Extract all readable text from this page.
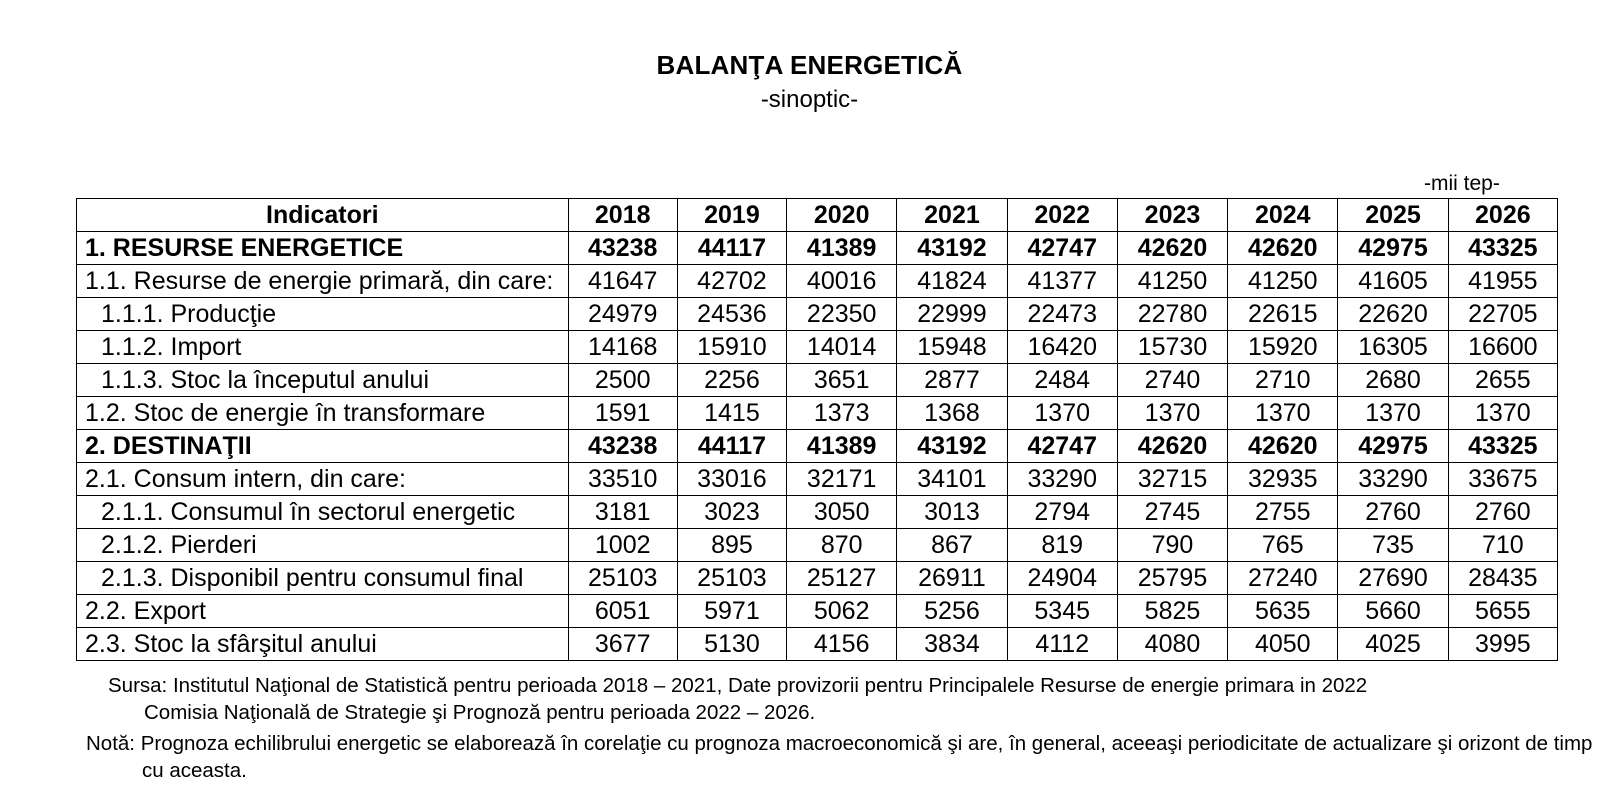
BALANŢA ENERGETICĂ
-sinoptic-
-mii tep-
Indicatori	2018	2019	2020	2021	2022	2023	2024	2025	2026
1. RESURSE ENERGETICE	43238	44117	41389	43192	42747	42620	42620	42975	43325
1.1. Resurse de energie primară, din care:	41647	42702	40016	41824	41377	41250	41250	41605	41955
1.1.1. Producţie	24979	24536	22350	22999	22473	22780	22615	22620	22705
1.1.2. Import	14168	15910	14014	15948	16420	15730	15920	16305	16600
1.1.3. Stoc la începutul anului	2500	2256	3651	2877	2484	2740	2710	2680	2655
1.2. Stoc de energie în transformare	1591	1415	1373	1368	1370	1370	1370	1370	1370
2. DESTINAŢII	43238	44117	41389	43192	42747	42620	42620	42975	43325
2.1. Consum intern, din care:	33510	33016	32171	34101	33290	32715	32935	33290	33675
2.1.1. Consumul în sectorul energetic	3181	3023	3050	3013	2794	2745	2755	2760	2760
2.1.2. Pierderi	1002	895	870	867	819	790	765	735	710
2.1.3. Disponibil pentru consumul final	25103	25103	25127	26911	24904	25795	27240	27690	28435
2.2. Export	6051	5971	5062	5256	5345	5825	5635	5660	5655
2.3. Stoc la sfârşitul anului	3677	5130	4156	3834	4112	4080	4050	4025	3995
Sursa: Institutul Naţional de Statistică pentru perioada 2018 – 2021, Date provizorii pentru Principalele Resurse de energie primara in 2022
Comisia Naţională de Strategie şi Prognoză pentru perioada 2022 – 2026.
Notă: Prognoza echilibrului energetic se elaborează în corelaţie cu prognoza macroeconomică şi are, în general, aceeaşi periodicitate de actualizare şi orizont de timp
cu aceasta.
